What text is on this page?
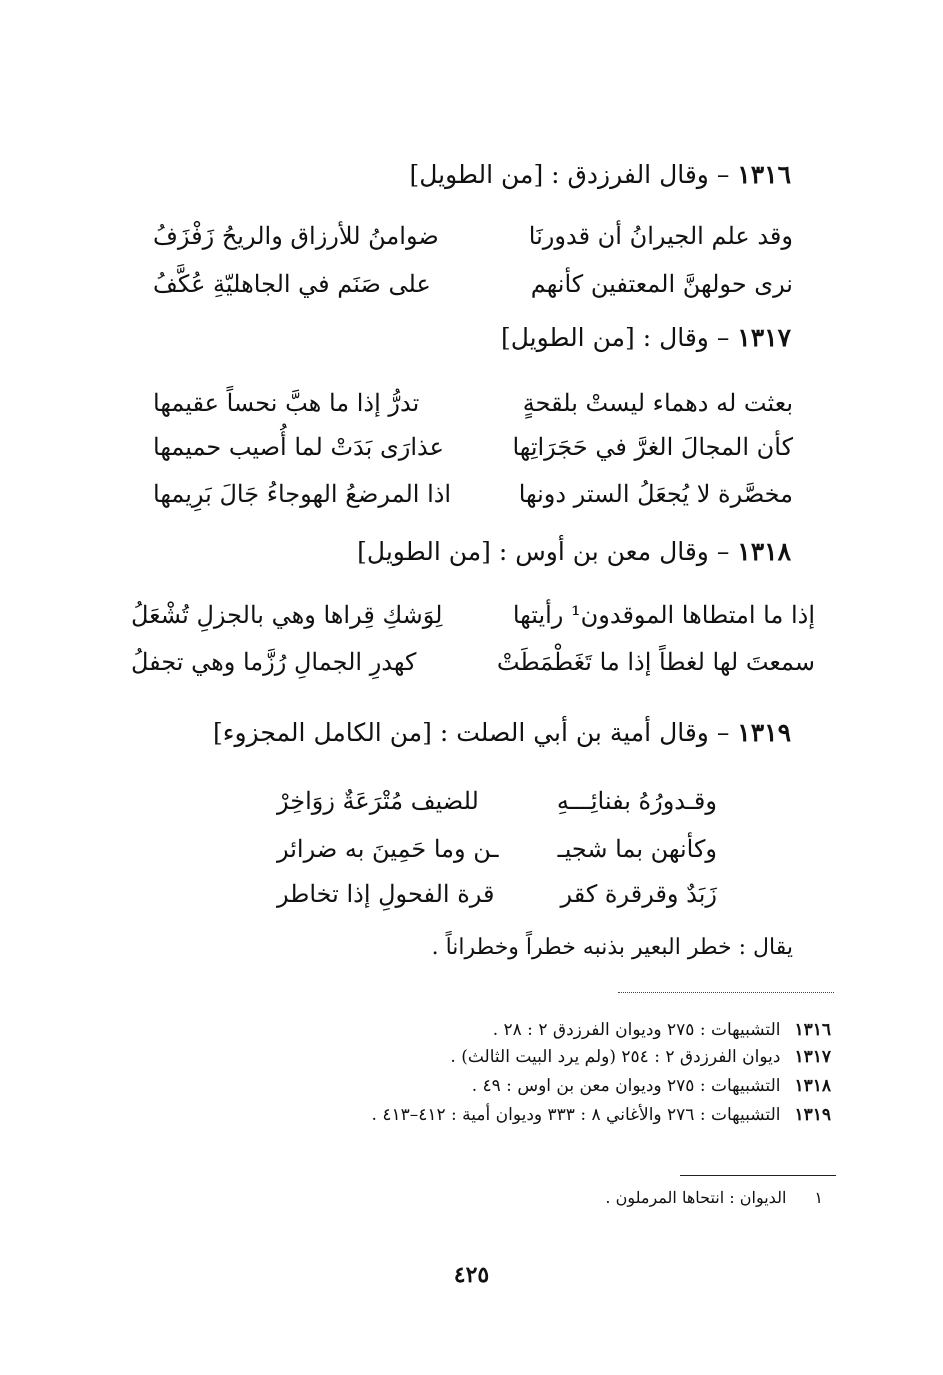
١٣١٦ – وقال الفرزدق : [من الطويل]
وقد علم الجيرانُ أن قدورنَا
ضوامنُ للأرزاق والريحُ زَفْزَفُ
نرى حولهنَّ المعتفين كأنهم
على صَنَم في الجاهليّةِ عُكَّفُ
١٣١٧ – وقال : [من الطويل]
بعثت له دهماء ليستْ بلقحةٍ
تدرُّ إذا ما هبَّ نحساً عقيمها
كأن المجالَ الغرَّ في حَجَرَاتِها
عذارَى بَدَتْ لما أُصيب حميمها
مخصَّرة لا يُجعَلُ الستر دونها
اذا المرضعُ الهوجاءُ جَالَ بَرِيمها
١٣١٨ – وقال معن بن أوس : [من الطويل]
إذا ما امتطاها الموقدون¹ رأيتها
لِوَشكِ قِراها وهي بالجزلِ تُشْعَلُ
سمعتَ لها لغطاً إذا ما تَغَطْمَطَتْ
كهدرِ الجمالِ رُزَّما وهي تجفلُ
١٣١٩ – وقال أمية بن أبي الصلت : [من الكامل المجزوء]
وقـدورُهُ بفنائِـــهِ
للضيف مُتْرَعَةٌ زوَاخِرْ
وكأنهن بما شجيـ
ـن وما حَمِينَ به ضرائر
زَبَدٌ وقرقرة كقر
قرة الفحولِ إذا تخاطر
يقال : خطر البعير بذنبه خطراً وخطراناً .
١٣١٦التشبيهات : ٢٧٥ وديوان الفرزدق ٢ : ٢٨ .
١٣١٧ديوان الفرزدق ٢ : ٢٥٤ (ولم يرد البيت الثالث) .
١٣١٨التشبيهات : ٢٧٥ وديوان معن بن اوس : ٤٩ .
١٣١٩التشبيهات : ٢٧٦ والأغاني ٨ : ٣٣٣ وديوان أمية : ٤١٢–٤١٣ .
١الديوان : انتحاها المرملون .
٤٢٥
